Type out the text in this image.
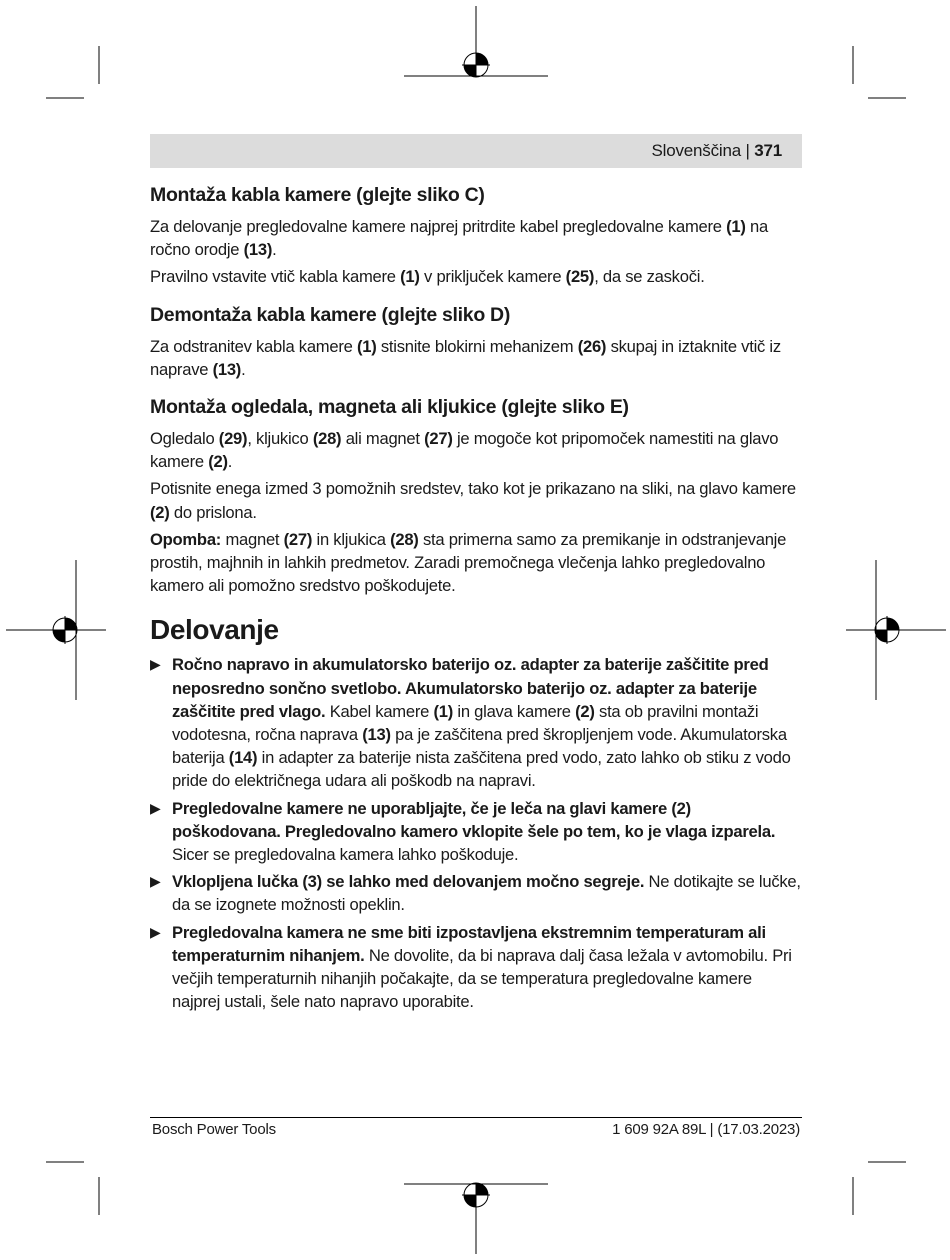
Slovenščina | 371
Montaža kabla kamere (glejte sliko C)

Za delovanje pregledovalne kamere najprej pritrdite kabel pregledovalne kamere (1) na ročno orodje (13).

Pravilno vstavite vtič kabla kamere (1) v priključek kamere (25), da se zaskoči.

Demontaža kabla kamere (glejte sliko D)

Za odstranitev kabla kamere (1) stisnite blokirni mehanizem (26) skupaj in iztaknite vtič iz naprave (13).

Montaža ogledala, magneta ali kljukice (glejte sliko E)

Ogledalo (29), kljukico (28) ali magnet (27) je mogoče kot pripomoček namestiti na glavo kamere (2).

Potisnite enega izmed 3 pomožnih sredstev, tako kot je prikazano na sliki, na glavo kamere (2) do prislona.

Opomba: magnet (27) in kljukica (28) sta primerna samo za premikanje in odstranjevanje prostih, majhnih in lahkih predmetov. Zaradi premočnega vlečenja lahko pregledovalno kamero ali pomožno sredstvo poškodujete.

Delovanje
▶ Ročno napravo in akumulatorsko baterijo oz. adapter za baterije zaščitite pred neposredno sončno svetlobo. Akumulatorsko baterijo oz. adapter za baterije zaščitite pred vlago. Kabel kamere (1) in glava kamere (2) sta ob pravilni montaži vodotesna, ročna naprava (13) pa je zaščitena pred škropljenjem vode. Akumulatorska baterija (14) in adapter za baterije nista zaščitena pred vodo, zato lahko ob stiku z vodo pride do električnega udara ali poškodb na napravi.
▶ Pregledovalne kamere ne uporabljajte, če je leča na glavi kamere (2) poškodovana. Pregledovalno kamero vklopite šele po tem, ko je vlaga izparela. Sicer se pregledovalna kamera lahko poškoduje.
▶ Vklopljena lučka (3) se lahko med delovanjem močno segreje. Ne dotikajte se lučke, da se izognete možnosti opeklin.
▶ Pregledovalna kamera ne sme biti izpostavljena ekstremnim temperaturam ali temperaturnim nihanjem. Ne dovolite, da bi naprava dalj časa ležala v avtomobilu. Pri večjih temperaturnih nihanjih počakajte, da se temperatura pregledovalne kamere najprej ustali, šele nato napravo uporabite.
Bosch Power Tools	1 609 92A 89L | (17.03.2023)
